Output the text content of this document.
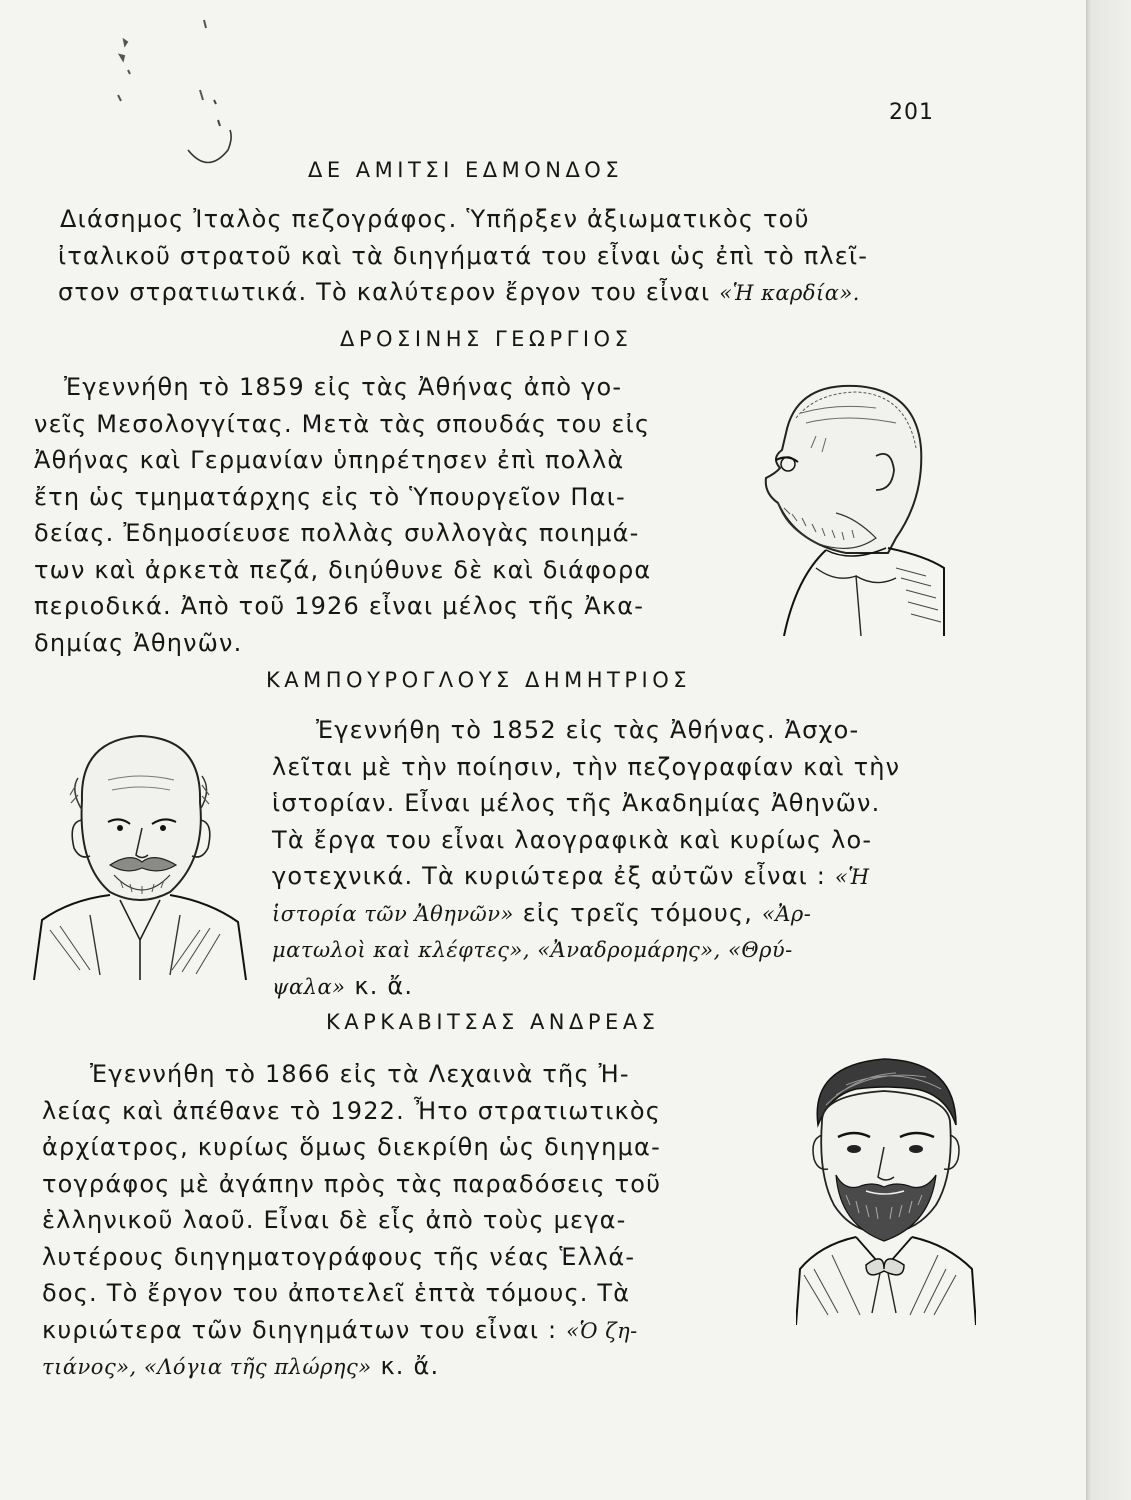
201
ΔΕ ΑΜΙΤΣΙ ΕΔΜΟΝΔΟΣ
Διάσημος Ἰταλὸς πεζογράφος. Ὑπῆρξεν ἀξιωματικὸς τοῦ
ἰταλικοῦ στρατοῦ καὶ τὰ διηγήματά του εἶναι ὡς ἐπὶ τὸ πλεῖ-
στον στρατιωτικά. Τὸ καλύτερον ἔργον του εἶναι «Ἡ καρδία».
ΔΡΟΣΙΝΗΣ ΓΕΩΡΓΙΟΣ
Ἐγεννήθη τὸ 1859 εἰς τὰς Ἀθήνας ἀπὸ γο-
νεῖς Μεσολογγίτας. Μετὰ τὰς σπουδάς του εἰς
Ἀθήνας καὶ Γερμανίαν ὑπηρέτησεν ἐπὶ πολλὰ
ἔτη ὡς τμηματάρχης εἰς τὸ Ὑπουργεῖον Παι-
δείας. Ἐδημοσίευσε πολλὰς συλλογὰς ποιημά-
των καὶ ἀρκετὰ πεζά, διηύθυνε δὲ καὶ διάφορα
περιοδικά. Ἀπὸ τοῦ 1926 εἶναι μέλος τῆς Ἀκα-
δημίας Ἀθηνῶν.
ΚΑΜΠΟΥΡΟΓΛΟΥΣ ΔΗΜΗΤΡΙΟΣ
Ἐγεννήθη τὸ 1852 εἰς τὰς Ἀθήνας. Ἀσχο-
λεῖται μὲ τὴν ποίησιν, τὴν πεζογραφίαν καὶ τὴν
ἱστορίαν. Εἶναι μέλος τῆς Ἀκαδημίας Ἀθηνῶν.
Τὰ ἔργα του εἶναι λαογραφικὰ καὶ κυρίως λο-
γοτεχνικά. Τὰ κυριώτερα ἐξ αὐτῶν εἶναι : «Ἡ
ἱστορία τῶν Ἀθηνῶν» εἰς τρεῖς τόμους, «Ἀρ-
ματωλοὶ καὶ κλέφτες», «Ἀναδρομάρης», «Θρύ-
ψαλα» κ. ἄ.
ΚΑΡΚΑΒΙΤΣΑΣ ΑΝΔΡΕΑΣ
Ἐγεννήθη τὸ 1866 εἰς τὰ Λεχαινὰ τῆς Ἠ-
λείας καὶ ἀπέθανε τὸ 1922. Ἦτο στρατιωτικὸς
ἀρχίατρος, κυρίως ὅμως διεκρίθη ὡς διηγημα-
τογράφος μὲ ἀγάπην πρὸς τὰς παραδόσεις τοῦ
ἑλληνικοῦ λαοῦ. Εἶναι δὲ εἷς ἀπὸ τοὺς μεγα-
λυτέρους διηγηματογράφους τῆς νέας Ἑλλά-
δος. Τὸ ἔργον του ἀποτελεῖ ἑπτὰ τόμους. Τὰ
κυριώτερα τῶν διηγημάτων του εἶναι : «Ὁ ζη-
τιάνος», «Λόγια τῆς πλώρης» κ. ἄ.
